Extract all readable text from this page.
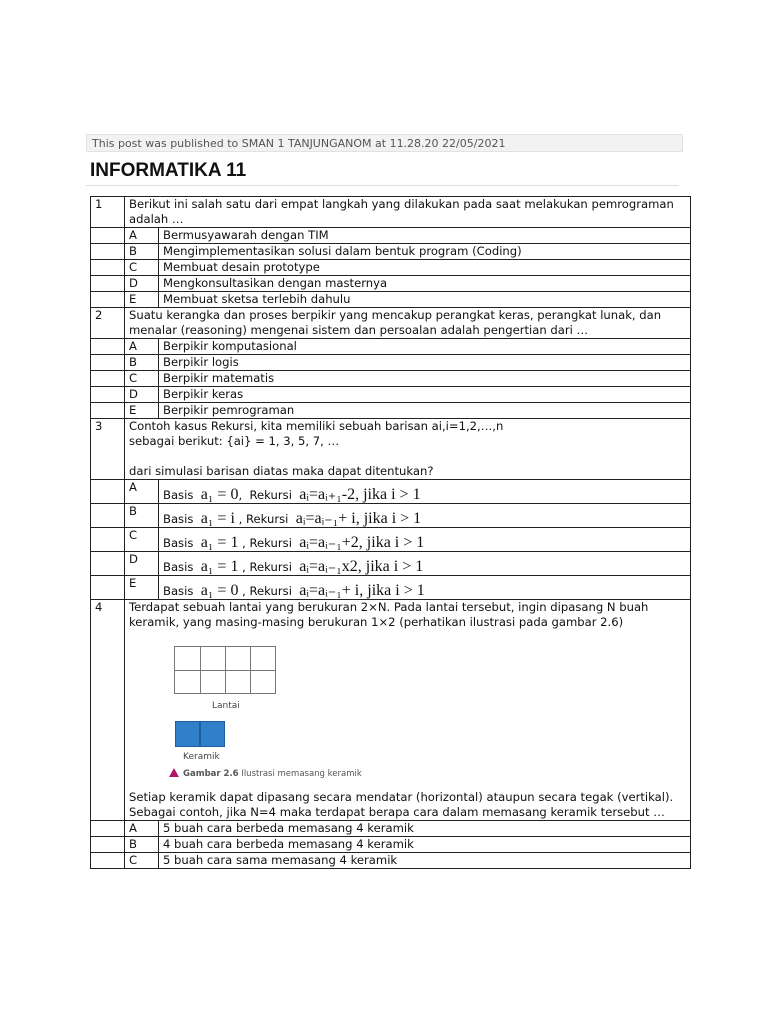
This post was published to SMAN 1 TANJUNGANOM at 11.28.20 22/05/2021
INFORMATIKA 11
1	Berikut ini salah satu dari empat langkah yang dilakukan pada saat melakukan pemrograman adalah …	
	A	Bermusyawarah dengan TIM
	B	Mengimplementasikan solusi dalam bentuk program (Coding)
	C	Membuat desain prototype
	D	Mengkonsultasikan dengan masternya
	E	Membuat sketsa terlebih dahulu
2	Suatu kerangka dan proses berpikir yang mencakup perangkat keras, perangkat lunak, dan menalar (reasoning) mengenai sistem dan persoalan adalah pengertian dari …	
	A	Berpikir komputasional
	B	Berpikir logis
	C	Berpikir matematis
	D	Berpikir keras
	E	Berpikir pemrograman
3	Contoh kasus Rekursi, kita memiliki sebuah barisan ai,i=1,2,…,n
sebagai berikut: {ai} = 1, 3, 5, 7, …
dari simulasi barisan diatas maka dapat ditentukan?	

	A	Basis a₁ = 0,  Rekursi aᵢ=aᵢ₊₁-2, jika i > 1
	B	Basis a₁ = i , Rekursi aᵢ=aᵢ₋₁+ i, jika i > 1
	C	Basis a₁ = 1 , Rekursi aᵢ=aᵢ₋₁+2, jika i > 1
	D	Basis a₁ = 1 , Rekursi aᵢ=aᵢ₋₁x2, jika i > 1
	E	Basis a₁ = 0 , Rekursi aᵢ=aᵢ₋₁+ i, jika i > 1
4	Terdapat sebuah lantai yang berukuran 2×N. Pada lantai tersebut, ingin dipasang N buah keramik, yang masing-masing berukuran 1×2 (perhatikan ilustrasi pada gambar 2.6)
Lantai
Keramik
Gambar 2.6 Ilustrasi memasang keramik
Setiap keramik dapat dipasang secara mendatar (horizontal) ataupun secara tegak (vertikal). Sebagai contoh, jika N=4 maka terdapat berapa cara dalam memasang keramik tersebut …	

	A	5 buah cara berbeda memasang 4 keramik
	B	4 buah cara berbeda memasang 4 keramik
	C	5 buah cara sama memasang 4 keramik
